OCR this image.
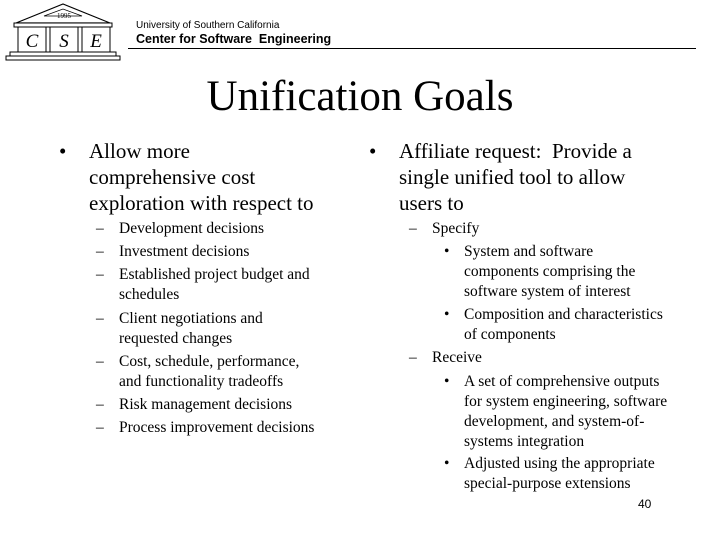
1995
C	S	E
University of Southern California
Center for Software  Engineering
Unification Goals
• Allow more
comprehensive cost
exploration with respect to
– Development decisions
– Investment decisions
– Established project budget and
schedules
– Client negotiations and
requested changes
– Cost, schedule, performance,
and functionality tradeoffs
– Risk management decisions
– Process improvement decisions
• Affiliate request:  Provide a
single unified tool to allow
users to
– Specify
• System and software
components comprising the
software system of interest
• Composition and characteristics
of components
– Receive
• A set of comprehensive outputs
for system engineering, software
development, and system-of-
systems integration
• Adjusted using the appropriate
special-purpose extensions
40
